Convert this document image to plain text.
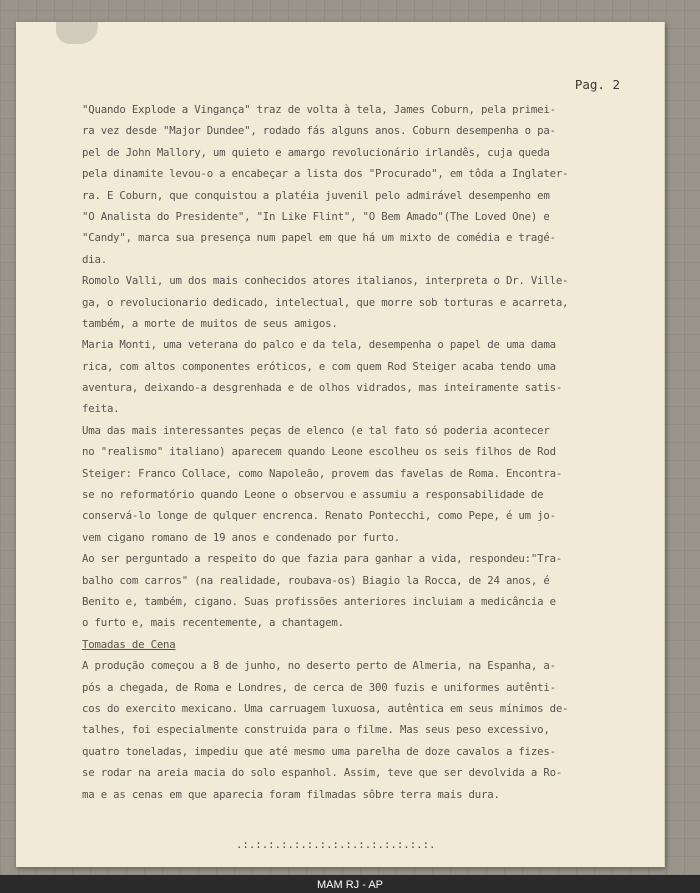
Pag. 2
"Quando Explode a Vingança" traz de volta à tela, James Coburn, pela primei-
ra vez desde "Major Dundee", rodado fás alguns anos. Coburn desempenha o pa-
pel de John Mallory, um quieto e amargo revolucionário irlandês, cuja queda
pela dinamite levou-o a encabeçar a lista dos "Procurado", em tôda a Inglater-
ra. E Coburn, que conquistou a platéia juvenil pelo admirável desempenho em
"O Analista do Presidente", "In Like Flint", "O Bem Amado"(The Loved One) e
"Candy", marca sua presença num papel em que há um mixto de comédia e tragé-
dia.
Romolo Valli, um dos mais conhecidos atores italianos, interpreta o Dr. Ville-
ga, o revolucionario dedicado, intelectual, que morre sob torturas e acarreta,
também, a morte de muitos de seus amigos.
Maria Monti, uma veterana do palco e da tela, desempenha o papel de uma dama
rica, com altos componentes eróticos, e com quem Rod Steiger acaba tendo uma
aventura, deixando-a desgrenhada e de olhos vidrados, mas inteiramente satis-
feita.
Uma das mais interessantes peças de elenco (e tal fato só poderia acontecer
no "realismo" italiano) aparecem quando Leone escolheu os seis filhos de Rod
Steiger: Franco Collace, como Napoleão, provem das favelas de Roma. Encontra-
se no reformatório quando Leone o observou e assumiu a responsabilidade de
conservá-lo longe de qulquer encrenca. Renato Pontecchi, como Pepe, é um jo-
vem cigano romano de 19 anos e condenado por furto.
Ao ser perguntado a respeito do que fazia para ganhar a vida, respondeu:"Tra-
balho com carros" (na realidade, roubava-os) Biagio la Rocca, de 24 anos, é
Benito e, também, cigano. Suas profissões anteriores incluiam a medicância e
o furto e, mais recentemente, a chantagem.
Tomadas de Cena
A produção começou a 8 de junho, no deserto perto de Almeria, na Espanha, a-
pós a chegada, de Roma e Londres, de cerca de 300 fuzis e uniformes autênti-
cos do exercito mexicano. Uma carruagem luxuosa, autêntica em seus mínimos de-
talhes, foi especialmente construida para o filme. Mas seus peso excessivo,
quatro toneladas, impediu que até mesmo uma parelha de doze cavalos a fizes-
se rodar na areia macia do solo espanhol. Assim, teve que ser devolvida a Ro-
ma e as cenas em que aparecia foram filmadas sôbre terra mais dura.
.:.:.:.:.:.:.:.:.:.:.:.:.:.:.:.
MAM RJ - AP
